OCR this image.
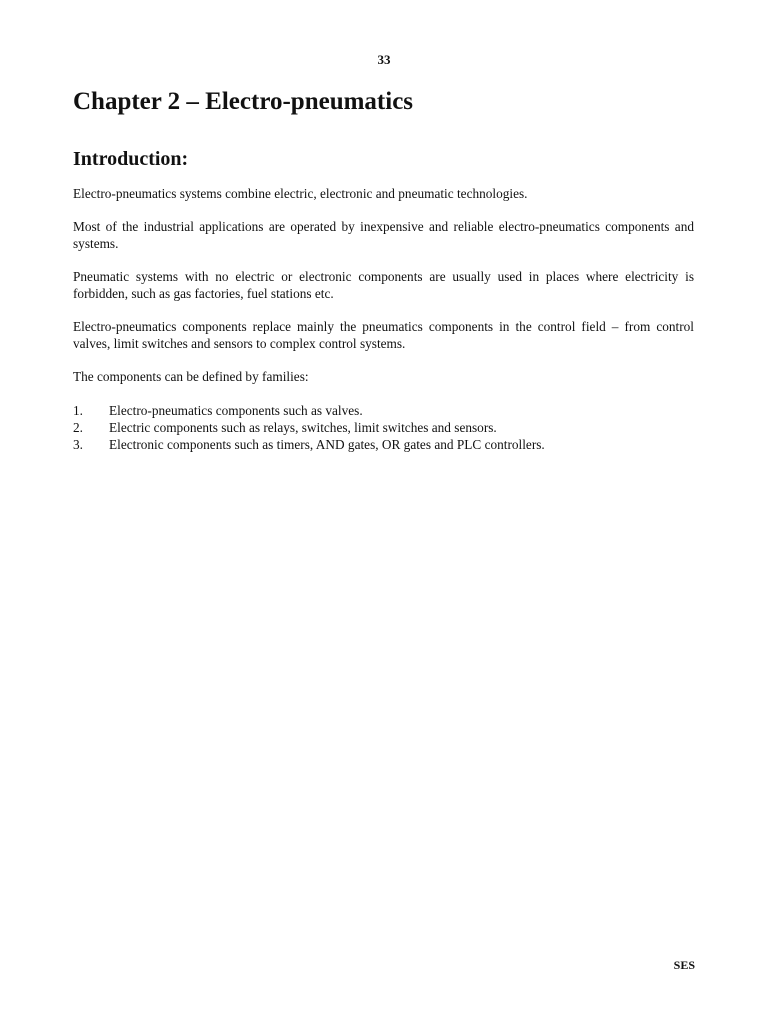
33
Chapter 2 – Electro-pneumatics
Introduction:

Electro-pneumatics systems combine electric, electronic and pneumatic technologies.

Most of the industrial applications are operated by inexpensive and reliable electro-pneumatics components and systems.

Pneumatic systems with no electric or electronic components are usually used in places where electricity is forbidden, such as gas factories, fuel stations etc.

Electro-pneumatics components replace mainly the pneumatics components in the control field – from control valves, limit switches and sensors to complex control systems.

The components can be defined by families:

1.	Electro-pneumatics components such as valves.
2.	Electric components such as relays, switches, limit switches and sensors.
3.	Electronic components such as timers, AND gates, OR gates and PLC controllers.
SES
